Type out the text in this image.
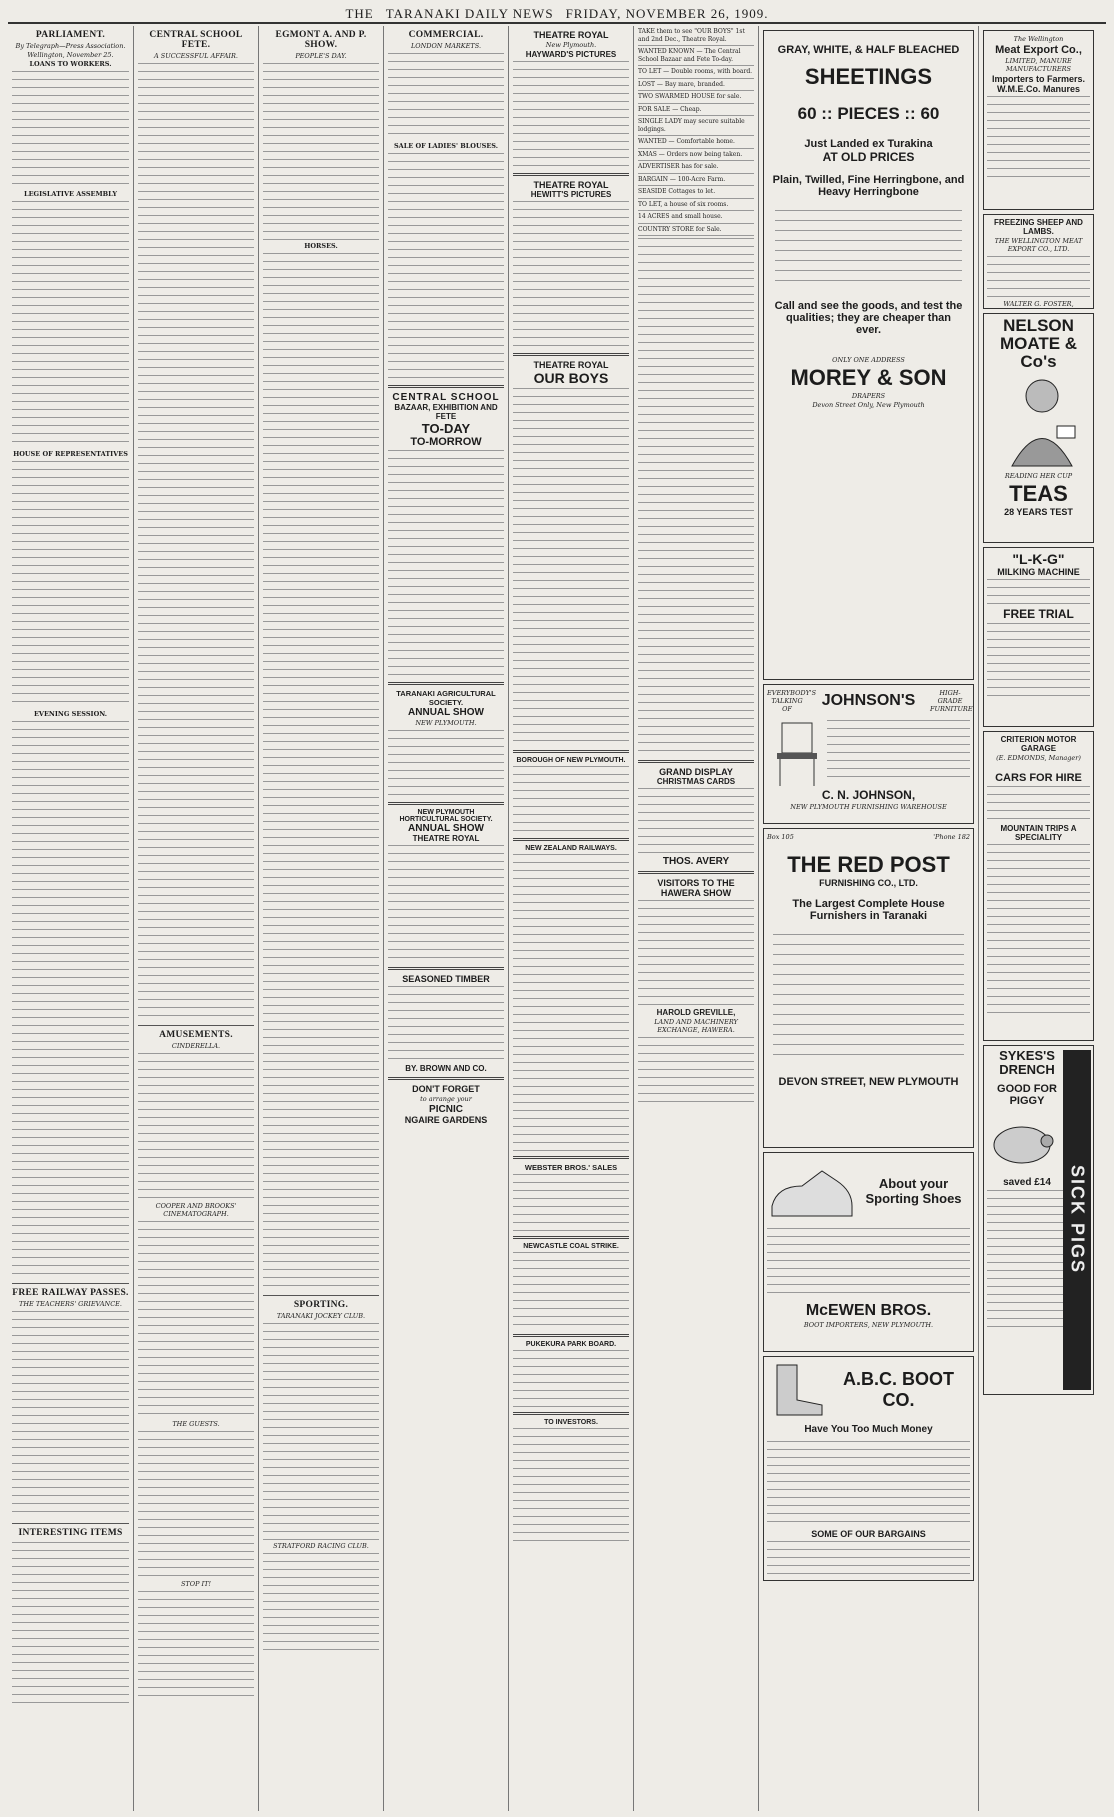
THE TARANAKI DAILY NEWS FRIDAY, NOVEMBER 26, 1909.
PARLIAMENT.
By Telegraph—Press Association.
Wellington, November 25.
LOANS TO WORKERS.
LEGISLATIVE ASSEMBLY
HOUSE OF REPRESENTATIVES
EVENING SESSION.
FREE RAILWAY PASSES.
THE TEACHERS' GRIEVANCE.
INTERESTING ITEMS
CENTRAL SCHOOL FETE.
A SUCCESSFUL AFFAIR.
AMUSEMENTS.
CINDERELLA.
COOPER AND BROOKS' CINEMATOGRAPH.
THE GUESTS.
STOP IT!
EGMONT A. AND P. SHOW.
PEOPLE'S DAY.
HORSES.
SPORTING.
TARANAKI JOCKEY CLUB.
STRATFORD RACING CLUB.
COMMERCIAL.
LONDON MARKETS.
SALE OF LADIES' BLOUSES.
CENTRAL SCHOOL
BAZAAR, EXHIBITION AND FETE
TO-DAY
TO-MORROW
TARANAKI AGRICULTURAL SOCIETY.
ANNUAL SHOW
NEW PLYMOUTH.
NEW PLYMOUTH HORTICULTURAL SOCIETY.
ANNUAL SHOW
THEATRE ROYAL
SEASONED TIMBER
BY. BROWN AND CO.
DON'T FORGET
to arrange your
PICNIC
NGAIRE GARDENS
THEATRE ROYAL
New Plymouth.
HAYWARD'S PICTURES
THEATRE ROYAL
HEWITT'S PICTURES
THEATRE ROYAL
OUR BOYS
BOROUGH OF NEW PLYMOUTH.
NEW ZEALAND RAILWAYS.
WEBSTER BROS.' SALES
NEWCASTLE COAL STRIKE.
PUKEKURA PARK BOARD.
TO INVESTORS.
TAKE them to see "OUR BOYS" 1st and 2nd Dec., Theatre Royal.
WANTED KNOWN — The Central School Bazaar and Fete To-day.
TO LET — Double rooms, with board.
LOST — Bay mare, branded.
TWO SWARMED HOUSE for sale.
FOR SALE — Cheap.
SINGLE LADY may secure suitable lodgings.
WANTED — Comfortable home.
XMAS — Orders now being taken.
ADVERTISER has for sale.
BARGAIN — 100-Acre Farm.
SEASIDE Cottages to let.
TO LET, a house of six rooms.
14 ACRES and small house.
COUNTRY STORE for Sale.
GRAND DISPLAY
CHRISTMAS CARDS
THOS. AVERY
VISITORS TO THE HAWERA SHOW
HAROLD GREVILLE,
LAND AND MACHINERY EXCHANGE, HAWERA.
GRAY, WHITE, & HALF BLEACHED
SHEETINGS
60 :: PIECES :: 60
Just Landed ex Turakina
AT OLD PRICES
Plain, Twilled, Fine Herringbone, and Heavy Herringbone
Call and see the goods, and test the qualities; they are cheaper than ever.
ONLY ONE ADDRESS
MOREY & SON
DRAPERS
Devon Street Only, New Plymouth
EVERYBODY'S TALKING OF	JOHNSON'S	HIGH-GRADE FURNITURE
C. N. JOHNSON,
NEW PLYMOUTH FURNISHING WAREHOUSE
Box 105	'Phone 182
THE RED POST
FURNISHING CO., LTD.
The Largest Complete House Furnishers in Taranaki
DEVON STREET, NEW PLYMOUTH
About your Sporting Shoes
McEWEN BROS.
BOOT IMPORTERS, NEW PLYMOUTH.
A.B.C. BOOT CO.
Have You Too Much Money
SOME OF OUR BARGAINS
The Wellington
Meat Export Co.,
LIMITED, MANURE MANUFACTURERS
Importers to Farmers.
W.M.E.Co. Manures
FREEZING SHEEP AND LAMBS.
THE WELLINGTON MEAT EXPORT CO., LTD.
WALTER G. FOSTER,
NELSON MOATE & Co's
READING HER CUP
TEAS
28 YEARS TEST
"L-K-G"
MILKING MACHINE
FREE TRIAL
CRITERION MOTOR GARAGE
(E. EDMONDS, Manager)
CARS FOR HIRE
MOUNTAIN TRIPS A SPECIALITY
SYKES'S DRENCH
GOOD FOR PIGGY
saved £14 SICK PIGS
